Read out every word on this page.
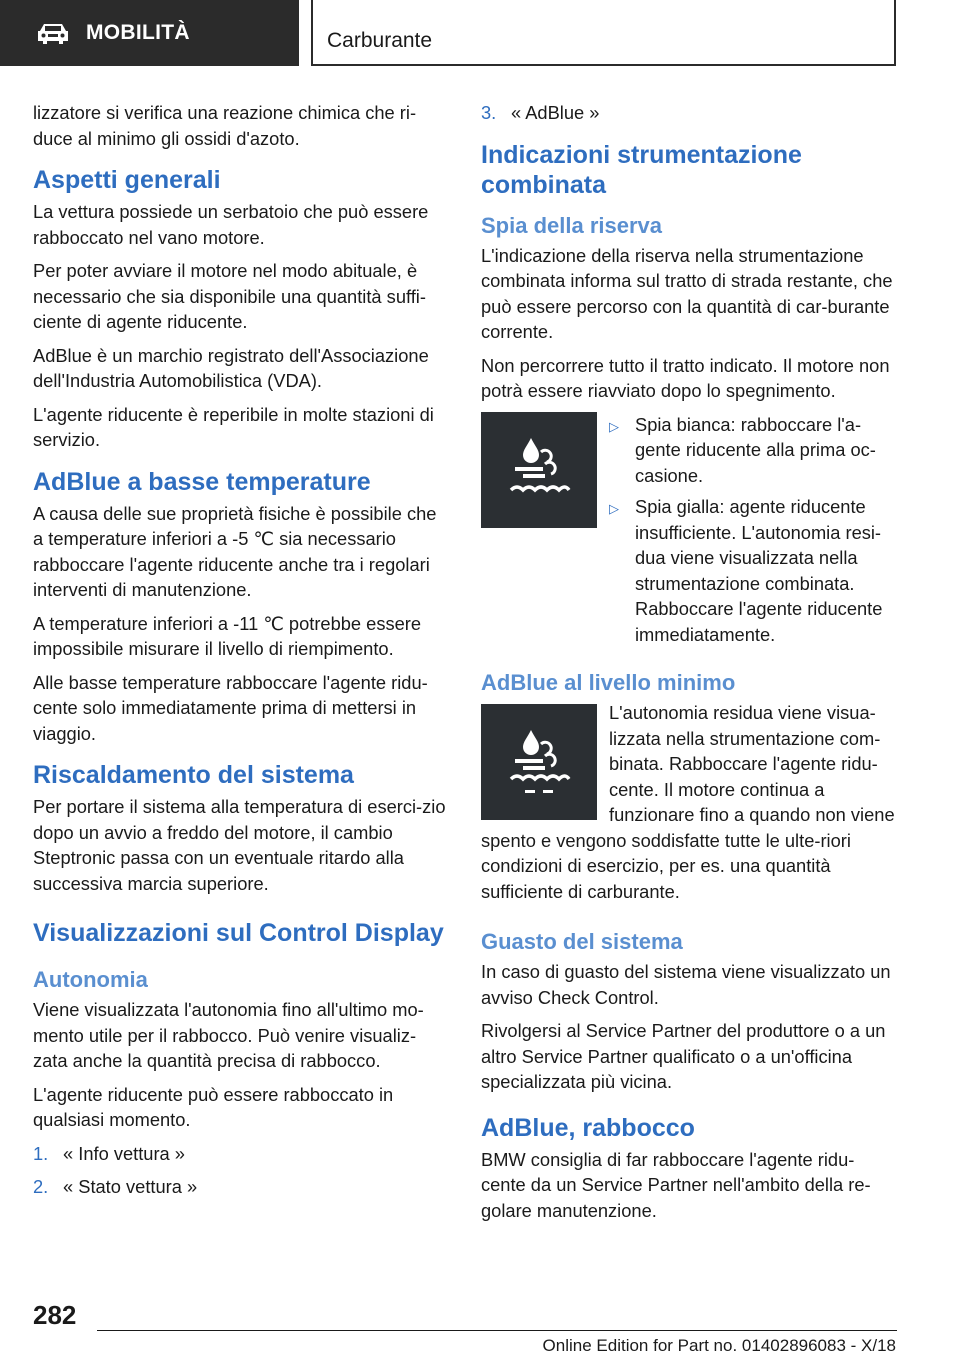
MOBILITÀ	Carburante

lizzatore si verifica una reazione chimica che ri-duce al minimo gli ossidi d'azoto.

Aspetti generali

La vettura possiede un serbatoio che può essere rabboccato nel vano motore.

Per poter avviare il motore nel modo abituale, è necessario che sia disponibile una quantità suffi-ciente di agente riducente.

AdBlue è un marchio registrato dell'Associazione dell'Industria Automobilistica (VDA).

L'agente riducente è reperibile in molte stazioni di servizio.

AdBlue a basse temperature

A causa delle sue proprietà fisiche è possibile che a temperature inferiori a -5 ℃ sia necessario rabboccare l'agente riducente anche tra i regolari interventi di manutenzione.

A temperature inferiori a -11 ℃ potrebbe essere impossibile misurare il livello di riempimento.

Alle basse temperature rabboccare l'agente ridu-cente solo immediatamente prima di mettersi in viaggio.

Riscaldamento del sistema

Per portare il sistema alla temperatura di eserci-zio dopo un avvio a freddo del motore, il cambio Steptronic passa con un eventuale ritardo alla successiva marcia superiore.

Visualizzazioni sul Control Display
Autonomia

Viene visualizzata l'autonomia fino all'ultimo mo-mento utile per il rabbocco. Può venire visualiz-zata anche la quantità precisa di rabbocco.

L'agente riducente può essere rabboccato in qualsiasi momento.

1. « Info vettura »
2. « Stato vettura »
3. « AdBlue »
Indicazioni strumentazione combinata
Spia della riserva

L'indicazione della riserva nella strumentazione combinata informa sul tratto di strada restante, che può essere percorso con la quantità di car-burante corrente.

Non percorrere tutto il tratto indicato. Il motore non potrà essere riavviato dopo lo spegnimento.

▷ Spia bianca: rabboccare l'a-gente riducente alla prima oc-casione.
▷ Spia gialla: agente riducente insufficiente. L'autonomia resi-dua viene visualizzata nella strumentazione combinata. Rabboccare l'agente riducente immediatamente.
AdBlue al livello minimo

L'autonomia residua viene visua-lizzata nella strumentazione com-binata. Rabboccare l'agente ridu-cente. Il motore continua a funzionare fino a quando non viene spento e vengono soddisfatte tutte le ulte-riori condizioni di esercizio, per es. una quantità sufficiente di carburante.

Guasto del sistema

In caso di guasto del sistema viene visualizzato un avviso Check Control.

Rivolgersi al Service Partner del produttore o a un altro Service Partner qualificato o a un'officina specializzata più vicina.

AdBlue, rabbocco

BMW consiglia di far rabboccare l'agente ridu-cente da un Service Partner nell'ambito della re-golare manutenzione.

282
Online Edition for Part no. 01402896083 - X/18
